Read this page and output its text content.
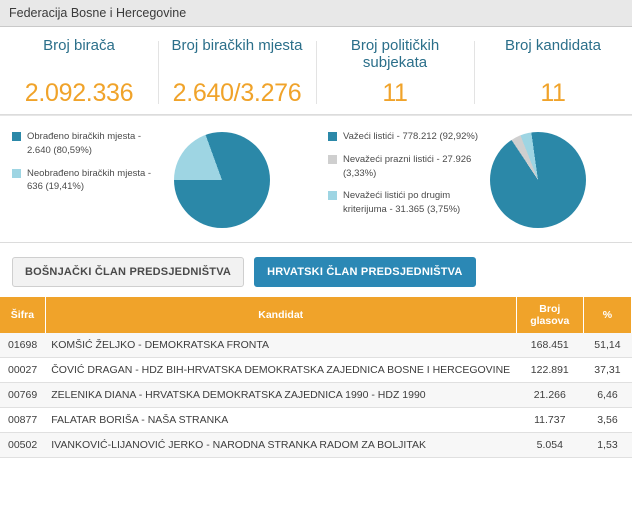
Federacija Bosne i Hercegovine
Broj birača
2.092.336
Broj biračkih mjesta
2.640/3.276
Broj političkih subjekata
11
Broj kandidata
11
Obrađeno biračkih mjesta - 2.640 (80,59%)
Neobrađeno biračkih mjesta - 636 (19,41%)
Važeći listići - 778.212 (92,92%)
Nevažeći prazni listići - 27.926 (3,33%)
Nevažeći listići po drugim kriterijuma - 31.365 (3,75%)
BOŠNJAČKI ČLAN PREDSJEDNIŠTVA	HRVATSKI ČLAN PREDSJEDNIŠTVA
Šifra	Kandidat	Broj glasova	%
01698	KOMŠIĆ ŽELJKO - DEMOKRATSKA FRONTA	168.451	51,14
00027	ČOVIĆ DRAGAN - HDZ BIH-HRVATSKA DEMOKRATSKA ZAJEDNICA BOSNE I HERCEGOVINE	122.891	37,31
00769	ZELENIKA DIANA - HRVATSKA DEMOKRATSKA ZAJEDNICA 1990 - HDZ 1990	21.266	6,46
00877	FALATAR BORIŠA - NAŠA STRANKA	11.737	3,56
00502	IVANKOVIĆ-LIJANOVIĆ JERKO - NARODNA STRANKA RADOM ZA BOLJITAK	5.054	1,53
